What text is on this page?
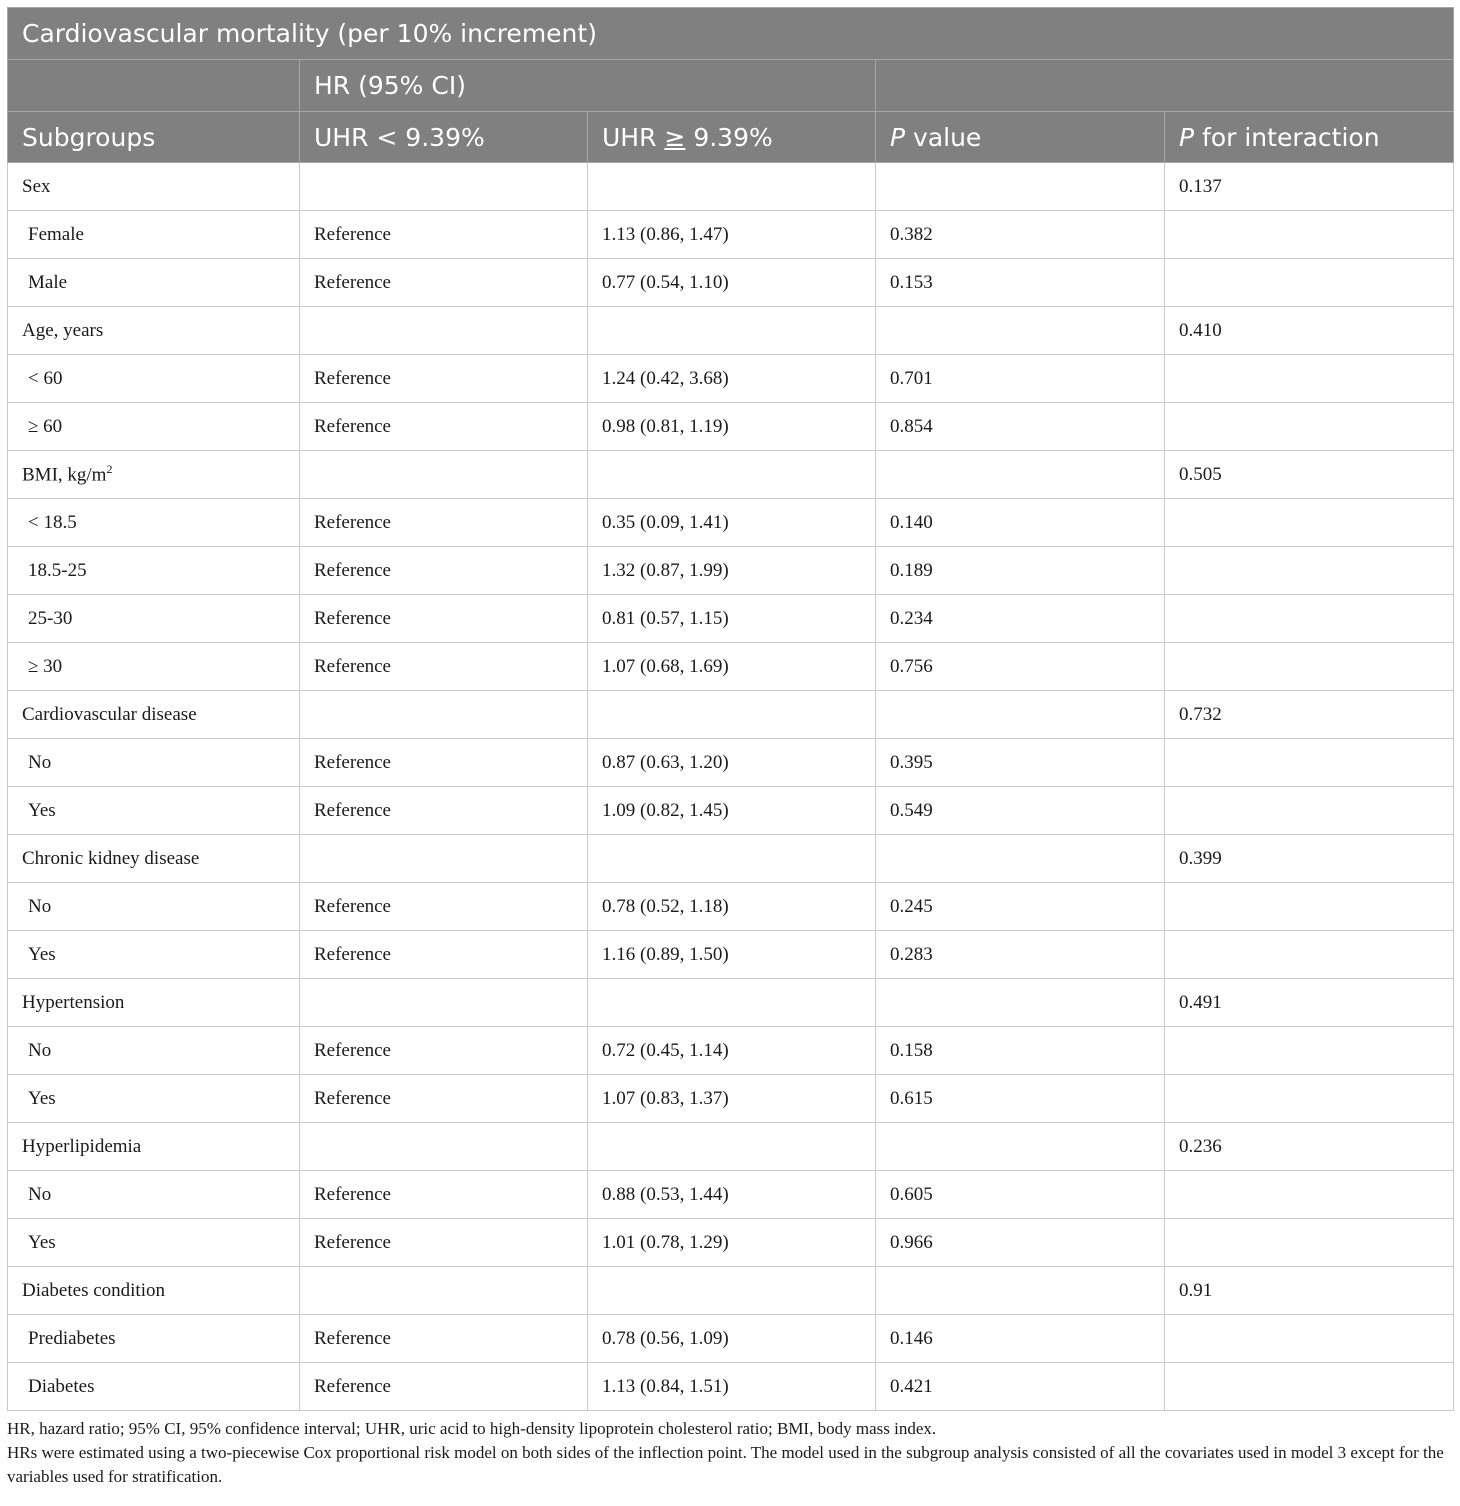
Cardiovascular mortality (per 10% increment)				
	HR (95% CI)			
Subgroups	UHR < 9.39%	UHR ≥ 9.39%	P value	P for interaction
Sex				0.137
Female	Reference	1.13 (0.86, 1.47)	0.382	
Male	Reference	0.77 (0.54, 1.10)	0.153	
Age, years				0.410
< 60	Reference	1.24 (0.42, 3.68)	0.701	
≥ 60	Reference	0.98 (0.81, 1.19)	0.854	
BMI, $kg/m^2$				0.505
< 18.5	Reference	0.35 (0.09, 1.41)	0.140	
18.5-25	Reference	1.32 (0.87, 1.99)	0.189	
25-30	Reference	0.81 (0.57, 1.15)	0.234	
≥ 30	Reference	1.07 (0.68, 1.69)	0.756	
Cardiovascular disease				0.732
No	Reference	0.87 (0.63, 1.20)	0.395	
Yes	Reference	1.09 (0.82, 1.45)	0.549	
Chronic kidney disease				0.399
No	Reference	0.78 (0.52, 1.18)	0.245	
Yes	Reference	1.16 (0.89, 1.50)	0.283	
Hypertension				0.491
No	Reference	0.72 (0.45, 1.14)	0.158	
Yes	Reference	1.07 (0.83, 1.37)	0.615	
Hyperlipidemia				0.236
No	Reference	0.88 (0.53, 1.44)	0.605	
Yes	Reference	1.01 (0.78, 1.29)	0.966	
Diabetes condition				0.91
Prediabetes	Reference	0.78 (0.56, 1.09)	0.146	
Diabetes	Reference	1.13 (0.84, 1.51)	0.421	

HR, hazard ratio; 95% CI, 95% confidence interval; UHR, uric acid to high-density lipoprotein cholesterol ratio; BMI, body mass index.

HRs were estimated using a two-piecewise Cox proportional risk model on both sides of the inflection point. The model used in the subgroup analysis consisted of all the covariates used in model 3 except for the variables used for stratification.
